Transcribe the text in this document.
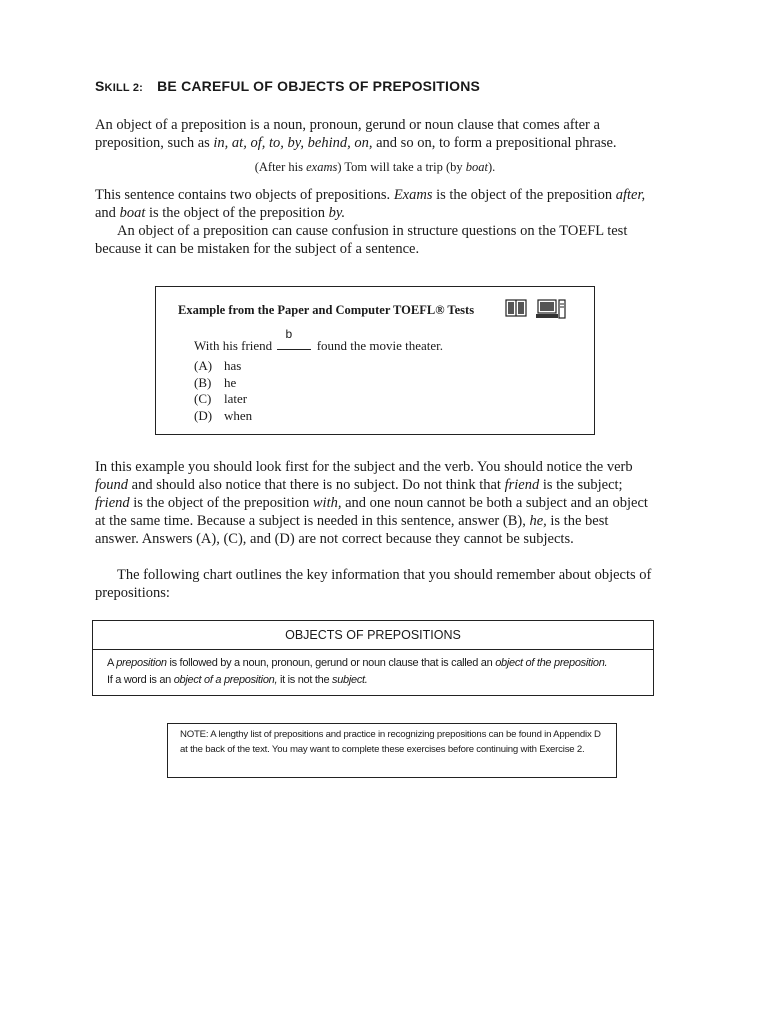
SKILL 2: BE CAREFUL OF OBJECTS OF PREPOSITIONS
An object of a preposition is a noun, pronoun, gerund or noun clause that comes after a preposition, such as in, at, of, to, by, behind, on, and so on, to form a prepositional phrase.
(After his exams) Tom will take a trip (by boat).
This sentence contains two objects of prepositions. Exams is the object of the preposition after, and boat is the object of the preposition by.
An object of a preposition can cause confusion in structure questions on the TOEFL test because it can be mistaken for the subject of a sentence.
Example from the Paper and Computer TOEFL® Tests
With his friend
b
found the movie theater.
(A) has
(B) he
(C) later
(D) when
In this example you should look first for the subject and the verb. You should notice the verb found and should also notice that there is no subject. Do not think that friend is the subject; friend is the object of the preposition with, and one noun cannot be both a subject and an object at the same time. Because a subject is needed in this sentence, answer (B), he, is the best answer. Answers (A), (C), and (D) are not correct because they cannot be subjects.
The following chart outlines the key information that you should remember about objects of prepositions:
OBJECTS OF PREPOSITIONS
A preposition is followed by a noun, pronoun, gerund or noun clause that is called an object of the preposition.
If a word is an object of a preposition, it is not the subject.
NOTE: A lengthy list of prepositions and practice in recognizing prepositions can be found in Appendix D at the back of the text. You may want to complete these exercises before continuing with Exercise 2.
